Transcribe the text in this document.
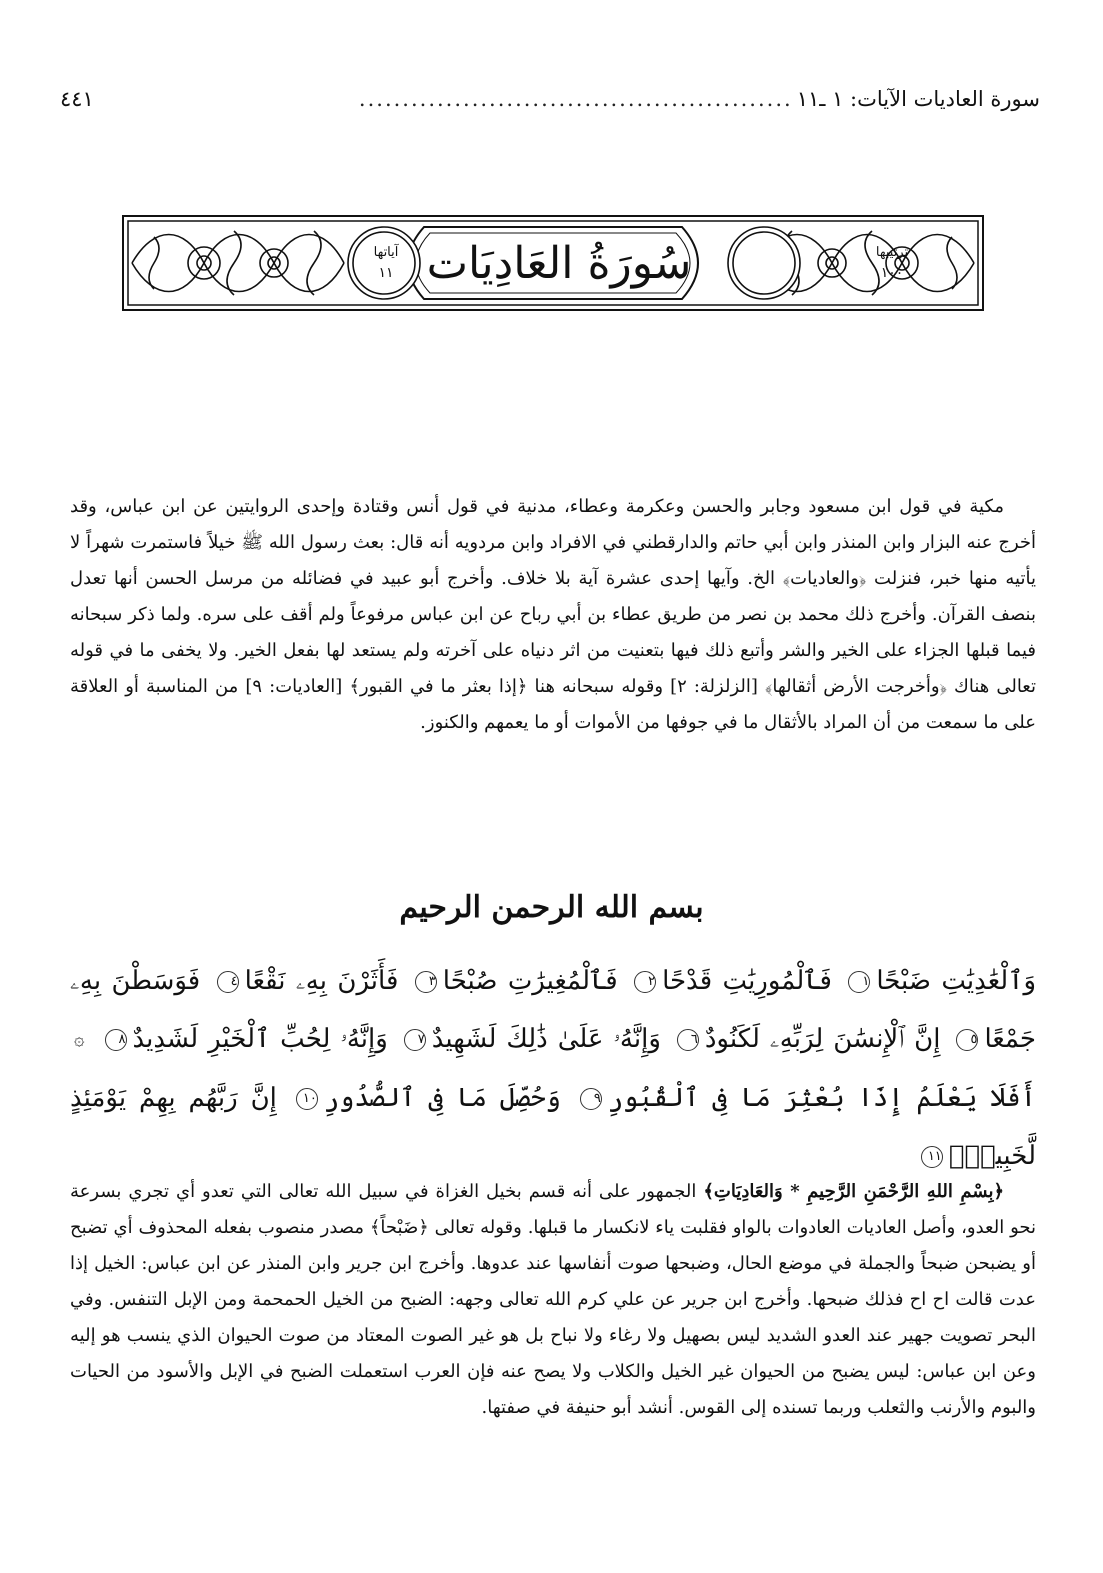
سورة العاديات الآيات: ١ ـ١١
..................................................
٤٤١
ترتيبها
١٠٠
آياتها
١١ سُورَةُ العَادِيَات

مكية في قول ابن مسعود وجابر والحسن وعكرمة وعطاء، مدنية في قول أنس وقتادة وإحدى الروايتين عن ابن عباس، وقد أخرج عنه البزار وابن المنذر وابن أبي حاتم والدارقطني في الافراد وابن مردويه أنه قال: بعث رسول الله ﷺ خيلاً فاستمرت شهراً لا يأتيه منها خبر، فنزلت ﴿والعاديات﴾ الخ. وآيها إحدى عشرة آية بلا خلاف. وأخرج أبو عبيد في فضائله من مرسل الحسن أنها تعدل بنصف القرآن. وأخرج ذلك محمد بن نصر من طريق عطاء بن أبي رباح عن ابن عباس مرفوعاً ولم أقف على سره. ولما ذكر سبحانه فيما قبلها الجزاء على الخير والشر وأتبع ذلك فيها بتعنيت من اثر دنياه على آخرته ولم يستعد لها بفعل الخير. ولا يخفى ما في قوله تعالى هناك ﴿وأخرجت الأرض أثقالها﴾ [الزلزلة: ٢] وقوله سبحانه هنا ﴿إذا بعثر ما في القبور﴾ [العاديات: ٩] من المناسبة أو العلاقة على ما سمعت من أن المراد بالأثقال ما في جوفها من الأموات أو ما يعمهم والكنوز.

بسم الله الرحمن الرحيم
وَٱلْعَٰدِيَٰتِ ضَبْحًا١ فَٱلْمُورِيَٰتِ قَدْحًا٢ فَٱلْمُغِيرَٰتِ صُبْحًا٣ فَأَثَرْنَ بِهِۦ نَقْعًا٤ فَوَسَطْنَ بِهِۦ جَمْعًا٥ إِنَّ ٱلْإِنسَٰنَ لِرَبِّهِۦ لَكَنُودٌ٦ وَإِنَّهُۥ عَلَىٰ ذَٰلِكَ لَشَهِيدٌ٧ وَإِنَّهُۥ لِحُبِّ ٱلْخَيْرِ لَشَدِيدٌ٨ ۞ أَفَلَا يَعْلَمُ إِذَا بُعْثِرَ مَا فِى ٱلْقُبُورِ٩ وَحُصِّلَ مَا فِى ٱلصُّدُورِ١٠ إِنَّ رَبَّهُم بِهِمْ يَوْمَئِذٍ لَّخَبِيرٌۢ١١

﴿بِسْمِ اللهِ الرَّحْمَنِ الرَّحِيمِ * وَالعَادِيَاتِ﴾ الجمهور على أنه قسم بخيل الغزاة في سبيل الله تعالى التي تعدو أي تجري بسرعة نحو العدو، وأصل العاديات العادوات بالواو فقلبت ياء لانكسار ما قبلها. وقوله تعالى ﴿ضَبْحاً﴾ مصدر منصوب بفعله المحذوف أي تضبح أو يضبحن ضبحاً والجملة في موضع الحال، وضبحها صوت أنفاسها عند عدوها. وأخرج ابن جرير وابن المنذر عن ابن عباس: الخيل إذا عدت قالت اح اح فذلك ضبحها. وأخرج ابن جرير عن علي كرم الله تعالى وجهه: الضبح من الخيل الحمحمة ومن الإبل التنفس. وفي البحر تصويت جهير عند العدو الشديد ليس بصهيل ولا رغاء ولا نباح بل هو غير الصوت المعتاد من صوت الحيوان الذي ينسب هو إليه وعن ابن عباس: ليس يضبح من الحيوان غير الخيل والكلاب ولا يصح عنه فإن العرب استعملت الضبح في الإبل والأسود من الحيات والبوم والأرنب والثعلب وربما تسنده إلى القوس. أنشد أبو حنيفة في صفتها.
